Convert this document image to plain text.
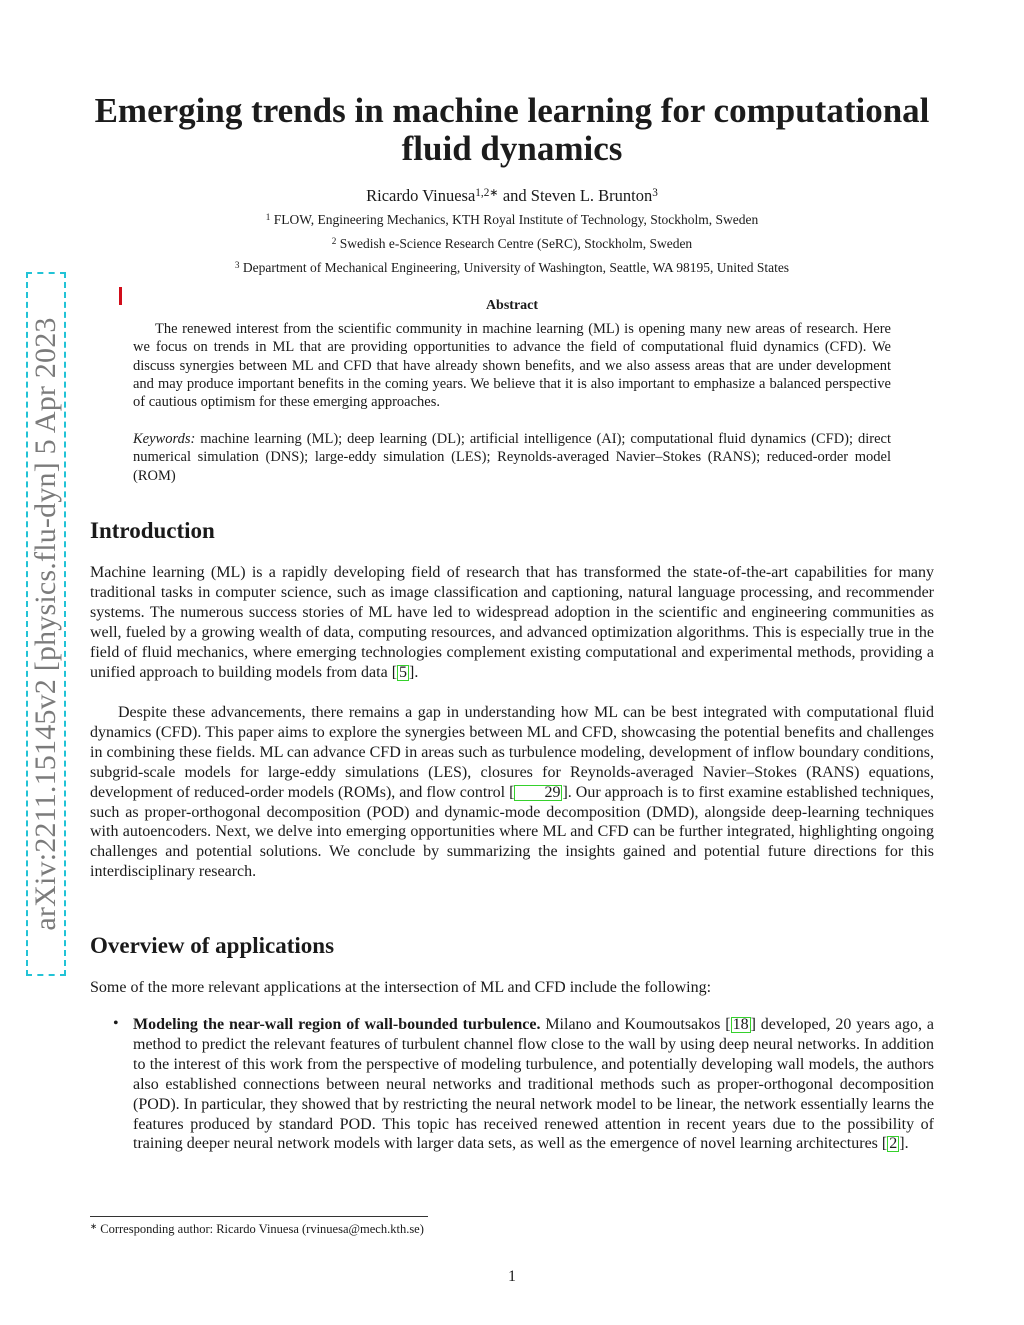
arXiv:2211.15145v2 [physics.flu-dyn] 5 Apr 2023
Emerging trends in machine learning for computational fluid dynamics
Ricardo Vinuesa$^{1,2∗}$ and Steven L. Brunton$^3$
$^1$ FLOW, Engineering Mechanics, KTH Royal Institute of Technology, Stockholm, Sweden
$^2$ Swedish e-Science Research Centre (SeRC), Stockholm, Sweden
$^3$ Department of Mechanical Engineering, University of Washington, Seattle, WA 98195, United States
Abstract

The renewed interest from the scientific community in machine learning (ML) is opening many new areas of research. Here we focus on trends in ML that are providing opportunities to advance the field of computational fluid dynamics (CFD). We discuss synergies between ML and CFD that have already shown benefits, and we also assess areas that are under development and may produce important benefits in the coming years. We believe that it is also important to emphasize a balanced perspective of cautious optimism for these emerging approaches.

Keywords: machine learning (ML); deep learning (DL); artificial intelligence (AI); computational fluid dynamics (CFD); direct numerical simulation (DNS); large-eddy simulation (LES); Reynolds-averaged Navier–Stokes (RANS); reduced-order model (ROM)

Introduction

Machine learning (ML) is a rapidly developing field of research that has transformed the state-of-the-art capabilities for many traditional tasks in computer science, such as image classification and captioning, natural language processing, and recommender systems. The numerous success stories of ML have led to widespread adoption in the scientific and engineering communities as well, fueled by a growing wealth of data, computing resources, and advanced optimization algorithms. This is especially true in the field of fluid mechanics, where emerging technologies complement existing computational and experimental methods, providing a unified approach to building models from data [ 5 ].

Despite these advancements, there remains a gap in understanding how ML can be best integrated with computational fluid dynamics (CFD). This paper aims to explore the synergies between ML and CFD, showcasing the potential benefits and challenges in combining these fields. ML can advance CFD in areas such as turbulence modeling, development of inflow boundary conditions, subgrid-scale models for large-eddy simulations (LES), closures for Reynolds-averaged Navier–Stokes (RANS) equations, development of reduced-order models (ROMs), and flow control [ 29 ]. Our approach is to first examine established techniques, such as proper-orthogonal decomposition (POD) and dynamic-mode decomposition (DMD), alongside deep-learning techniques with autoencoders. Next, we delve into emerging opportunities where ML and CFD can be further integrated, highlighting ongoing challenges and potential solutions. We conclude by summarizing the insights gained and potential future directions for this interdisciplinary research.

Overview of applications

Some of the more relevant applications at the intersection of ML and CFD include the following:

• Modeling the near-wall region of wall-bounded turbulence. Milano and Koumoutsakos [ 18 ] developed, 20 years ago, a method to predict the relevant features of turbulent channel flow close to the wall by using deep neural networks. In addition to the interest of this work from the perspective of modeling turbulence, and potentially developing wall models, the authors also established connections between neural networks and traditional methods such as proper-orthogonal decomposition (POD). In particular, they showed that by restricting the neural network model to be linear, the network essentially learns the features produced by standard POD. This topic has received renewed attention in recent years due to the possibility of training deeper neural network models with larger data sets, as well as the emergence of novel learning architectures [ 2 ].

∗ Corresponding author: Ricardo Vinuesa (rvinuesa@mech.kth.se)
1
